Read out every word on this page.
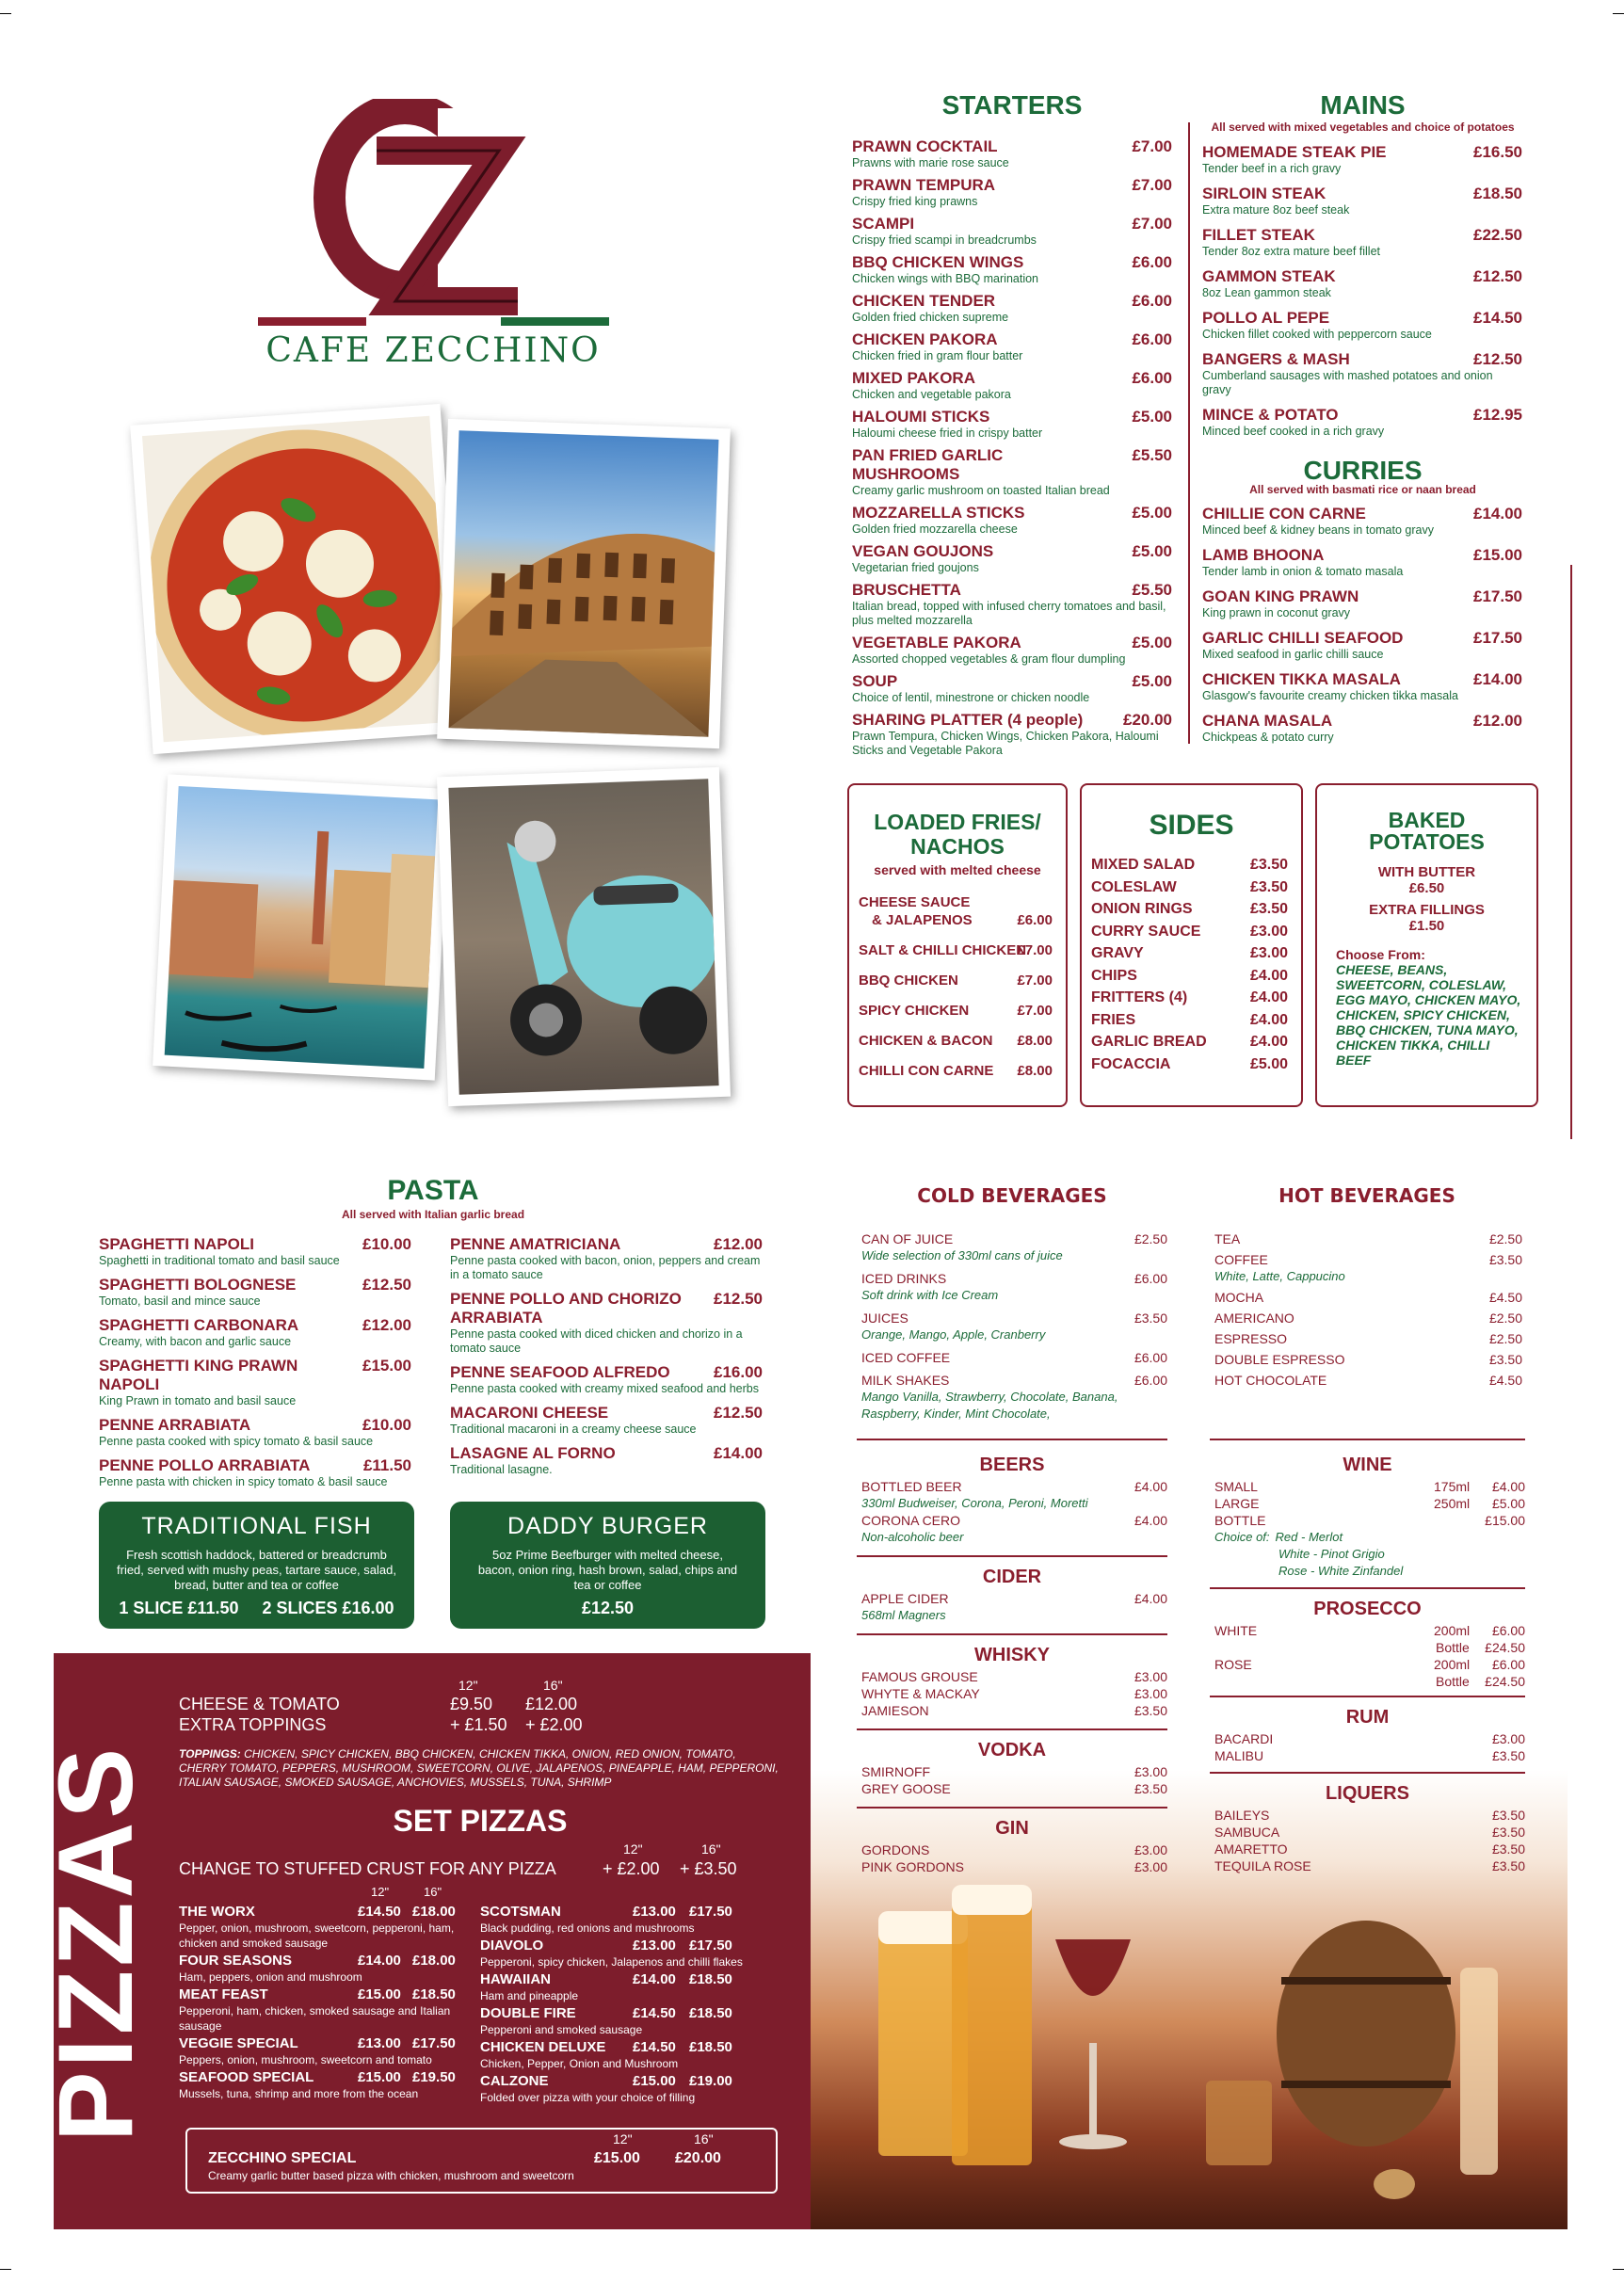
CAFE ZECCHINO
STARTERS
PRAWN COCKTAIL	£7.00
Prawns with marie rose sauce
PRAWN TEMPURA	£7.00
Crispy fried king prawns
SCAMPI	£7.00
Crispy fried scampi in breadcrumbs
BBQ CHICKEN WINGS	£6.00
Chicken wings with BBQ marination
CHICKEN TENDER	£6.00
Golden fried chicken supreme
CHICKEN PAKORA	£6.00
Chicken fried in gram flour batter
MIXED PAKORA	£6.00
Chicken and vegetable pakora
HALOUMI STICKS	£5.00
Haloumi cheese fried in crispy batter
PAN FRIED GARLIC MUSHROOMS
£5.50
Creamy garlic mushroom on toasted Italian bread
MOZZARELLA STICKS	£5.00
Golden fried mozzarella cheese
VEGAN GOUJONS	£5.00
Vegetarian fried goujons
BRUSCHETTA	£5.50
Italian bread, topped with infused cherry tomatoes and basil, plus melted mozzarella
VEGETABLE PAKORA	£5.00
Assorted chopped vegetables & gram flour dumpling
SOUP	£5.00
Choice of lentil, minestrone or chicken noodle
SHARING PLATTER (4 people)	£20.00
Prawn Tempura, Chicken Wings, Chicken Pakora, Haloumi Sticks and Vegetable Pakora
MAINS
All served with mixed vegetables and choice of potatoes
HOMEMADE STEAK PIE	£16.50
Tender beef in a rich gravy
SIRLOIN STEAK	£18.50
Extra mature 8oz beef steak
FILLET STEAK	£22.50
Tender 8oz extra mature beef fillet
GAMMON STEAK	£12.50
8oz Lean gammon steak
POLLO AL PEPE	£14.50
Chicken fillet cooked with peppercorn sauce
BANGERS & MASH	£12.50
Cumberland sausages with mashed potatoes and onion gravy
MINCE & POTATO	£12.95
Minced beef cooked in a rich gravy
CURRIES
All served with basmati rice or naan bread
CHILLIE CON CARNE	£14.00
Minced beef & kidney beans in tomato gravy
LAMB BHOONA	£15.00
Tender lamb in onion & tomato masala
GOAN KING PRAWN	£17.50
King prawn in coconut gravy
GARLIC CHILLI SEAFOOD	£17.50
Mixed seafood in garlic chilli sauce
CHICKEN TIKKA MASALA	£14.00
Glasgow's favourite creamy chicken tikka masala
CHANA MASALA	£12.00
Chickpeas & potato curry
LOADED FRIES/
NACHOS
served with melted cheese
CHEESE SAUCE
& JALAPENOS	£6.00
SALT & CHILLI CHICKEN
£7.00
BBQ CHICKEN	£7.00
SPICY CHICKEN	£7.00
CHICKEN & BACON	£8.00
CHILLI CON CARNE	£8.00
SIDES
MIXED SALAD	£3.50
COLESLAW	£3.50
ONION RINGS	£3.50
CURRY SAUCE	£3.00
GRAVY	£3.00
CHIPS	£4.00
FRITTERS (4)	£4.00
FRIES	£4.00
GARLIC BREAD	£4.00
FOCACCIA	£5.00
BAKED
POTATOES
WITH BUTTER
£6.50
EXTRA FILLINGS
£1.50
Choose From:
CHEESE, BEANS, SWEETCORN, COLESLAW, EGG MAYO, CHICKEN MAYO, CHICKEN, SPICY CHICKEN, BBQ CHICKEN, TUNA MAYO, CHICKEN TIKKA, CHILLI BEEF
PASTA
All served with Italian garlic bread
SPAGHETTI NAPOLI	£10.00
Spaghetti in traditional tomato and basil sauce
SPAGHETTI BOLOGNESE	£12.50
Tomato, basil and mince sauce
SPAGHETTI CARBONARA	£12.00
Creamy, with bacon and garlic sauce
SPAGHETTI KING PRAWN NAPOLI
£15.00
King Prawn in tomato and basil sauce
PENNE ARRABIATA	£10.00
Penne pasta cooked with spicy tomato & basil sauce
PENNE POLLO ARRABIATA	£11.50
Penne pasta with chicken in spicy tomato & basil sauce
PENNE AMATRICIANA	£12.00
Penne pasta cooked with bacon, onion, peppers and cream in a tomato sauce
PENNE POLLO AND CHORIZO ARRABIATA
£12.50
Penne pasta cooked with diced chicken and chorizo in a tomato sauce
PENNE SEAFOOD ALFREDO	£16.00
Penne pasta cooked with creamy mixed seafood and herbs
MACARONI CHEESE	£12.50
Traditional macaroni in a creamy cheese sauce
LASAGNE AL FORNO	£14.00
Traditional lasagne.
TRADITIONAL FISH
Fresh scottish haddock, battered or breadcrumb fried, served with mushy peas, tartare sauce, salad, bread, butter and tea or coffee
1 SLICE £11.50     2 SLICES £16.00
DADDY BURGER
5oz Prime Beefburger with melted cheese, bacon, onion ring, hash brown, salad, chips and tea or coffee
£12.50
PIZZAS
12"	16"
CHEESE & TOMATO	£9.50 £12.00
EXTRA TOPPINGS	+ £1.50 + £2.00
TOPPINGS: CHICKEN, SPICY CHICKEN, BBQ CHICKEN, CHICKEN TIKKA, ONION, RED ONION, TOMATO, CHERRY TOMATO, PEPPERS, MUSHROOM, SWEETCORN, OLIVE, JALAPENOS, PINEAPPLE, HAM, PEPPERONI, ITALIAN SAUSAGE, SMOKED SAUSAGE, ANCHOVIES, MUSSELS, TUNA, SHRIMP
SET PIZZAS
12"	16"
CHANGE TO STUFFED CRUST FOR ANY PIZZA	+ £2.00 + £3.50
12"	16"
THE WORX	£14.50 £18.00
Pepper, onion, mushroom, sweetcorn, pepperoni, ham, chicken and smoked sausage
FOUR SEASONS	£14.00 £18.00
Ham, peppers, onion and mushroom
MEAT FEAST	£15.00 £18.50
Pepperoni, ham, chicken, smoked sausage and Italian sausage
VEGGIE SPECIAL	£13.00 £17.50
Peppers, onion, mushroom, sweetcorn and tomato
SEAFOOD SPECIAL	£15.00 £19.50
Mussels, tuna, shrimp and more from the ocean
SCOTSMAN	£13.00 £17.50
Black pudding, red onions and mushrooms
DIAVOLO	£13.00 £17.50
Pepperoni, spicy chicken, Jalapenos and chilli flakes
HAWAIIAN	£14.00 £18.50
Ham and pineapple
DOUBLE FIRE	£14.50 £18.50
Pepperoni and smoked sausage
CHICKEN DELUXE	£14.50 £18.50
Chicken, Pepper, Onion and Mushroom
CALZONE	£15.00 £19.00
Folded over pizza with your choice of filling
12"	16"
ZECCHINO SPECIAL	£15.00 £20.00
Creamy garlic butter based pizza with chicken, mushroom and sweetcorn
COLD BEVERAGES
CAN OF JUICE	£2.50
Wide selection of 330ml cans of juice
ICED DRINKS	£6.00
Soft drink with Ice Cream
JUICES	£3.50
Orange, Mango, Apple, Cranberry
ICED COFFEE	£6.00
MILK SHAKES	£6.00
Mango Vanilla, Strawberry, Chocolate, Banana, Raspberry, Kinder, Mint Chocolate,
HOT BEVERAGES
TEA	£2.50
COFFEE	£3.50
White, Latte, Cappucino
MOCHA	£4.50
AMERICANO	£2.50
ESPRESSO	£2.50
DOUBLE ESPRESSO	£3.50
HOT CHOCOLATE	£4.50
BEERS
BOTTLED BEER	£4.00
330ml Budweiser, Corona, Peroni, Moretti
CORONA CERO	£4.00
Non-alcoholic beer
CIDER
APPLE CIDER	£4.00
568ml Magners
WHISKY
FAMOUS GROUSE	£3.00
WHYTE & MACKAY	£3.00
JAMIESON	£3.50
VODKA
SMIRNOFF	£3.00
GREY GOOSE	£3.50
GIN
GORDONS	£3.00
PINK GORDONS	£3.00
WINE
SMALL	175ml £4.00
LARGE	250ml £5.00
BOTTLE	£15.00
Choice of: Red - Merlot
White - Pinot Grigio
Rose - White Zinfandel
PROSECCO
WHITE	200ml £6.00
Bottle £24.50
ROSE	200ml £6.00
Bottle £24.50
RUM
BACARDI	£3.00
MALIBU	£3.50
LIQUERS
BAILEYS	£3.50
SAMBUCA	£3.50
AMARETTO	£3.50
TEQUILA ROSE	£3.50
